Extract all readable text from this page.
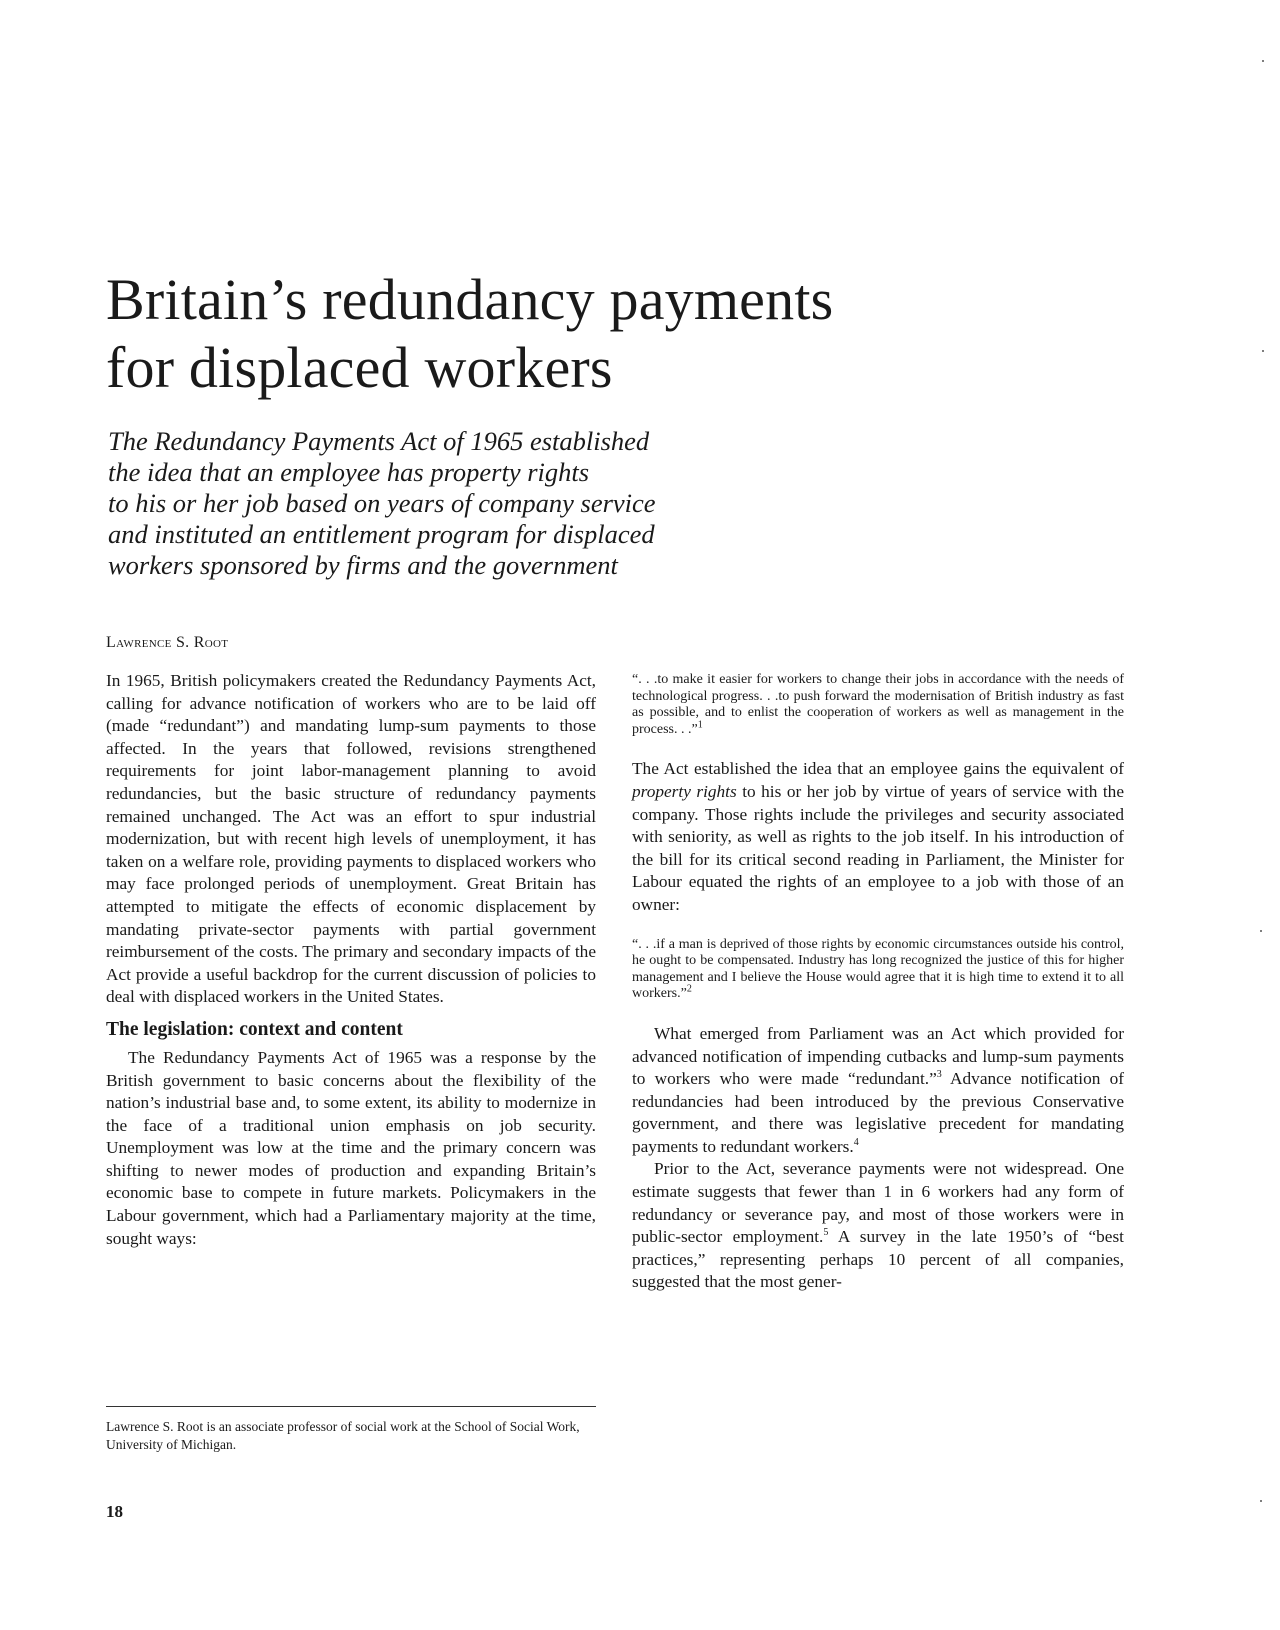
Britain’s redundancy payments
for displaced workers
The Redundancy Payments Act of 1965 established
the idea that an employee has property rights
to his or her job based on years of company service
and instituted an entitlement program for displaced
workers sponsored by firms and the government
Lawrence S. Root

In 1965, British policymakers created the Redundancy Payments Act, calling for advance notification of workers who are to be laid off (made “redundant”) and mandating lump-sum payments to those affected. In the years that followed, revisions strengthened requirements for joint labor-management planning to avoid redundancies, but the basic structure of redundancy payments remained unchanged. The Act was an effort to spur industrial modernization, but with recent high levels of unemployment, it has taken on a welfare role, providing payments to displaced workers who may face prolonged periods of unemployment. Great Britain has attempted to mitigate the effects of economic displacement by mandating private-sector payments with partial government reimbursement of the costs. The primary and secondary impacts of the Act provide a useful backdrop for the current discussion of policies to deal with displaced workers in the United States.

The legislation: context and content

The Redundancy Payments Act of 1965 was a response by the British government to basic concerns about the flexibility of the nation’s industrial base and, to some extent, its ability to modernize in the face of a traditional union emphasis on job security. Unemployment was low at the time and the primary concern was shifting to newer modes of production and expanding Britain’s economic base to compete in future markets. Policymakers in the Labour government, which had a Parliamentary majority at the time, sought ways:

“. . .to make it easier for workers to change their jobs in accordance with the needs of technological progress. . .to push forward the modernisation of British industry as fast as possible, and to enlist the cooperation of workers as well as management in the process. . .”$^1$

The Act established the idea that an employee gains the equivalent of property rights to his or her job by virtue of years of service with the company. Those rights include the privileges and security associated with seniority, as well as rights to the job itself. In his introduction of the bill for its critical second reading in Parliament, the Minister for Labour equated the rights of an employee to a job with those of an owner:

“. . .if a man is deprived of those rights by economic circumstances outside his control, he ought to be compensated. Industry has long recognized the justice of this for higher management and I believe the House would agree that it is high time to extend it to all workers.”$^2$

What emerged from Parliament was an Act which provided for advanced notification of impending cutbacks and lump-sum payments to workers who were made “redundant.”$^3$ Advance notification of redundancies had been introduced by the previous Conservative government, and there was legislative precedent for mandating payments to redundant workers.$^4$

Prior to the Act, severance payments were not widespread. One estimate suggests that fewer than 1 in 6 workers had any form of redundancy or severance pay, and most of those workers were in public-sector employment.$^5$ A survey in the late 1950’s of “best practices,” representing perhaps 10 percent of all companies, suggested that the most gener-

Lawrence S. Root is an associate professor of social work at the School of Social Work, University of Michigan.
18
